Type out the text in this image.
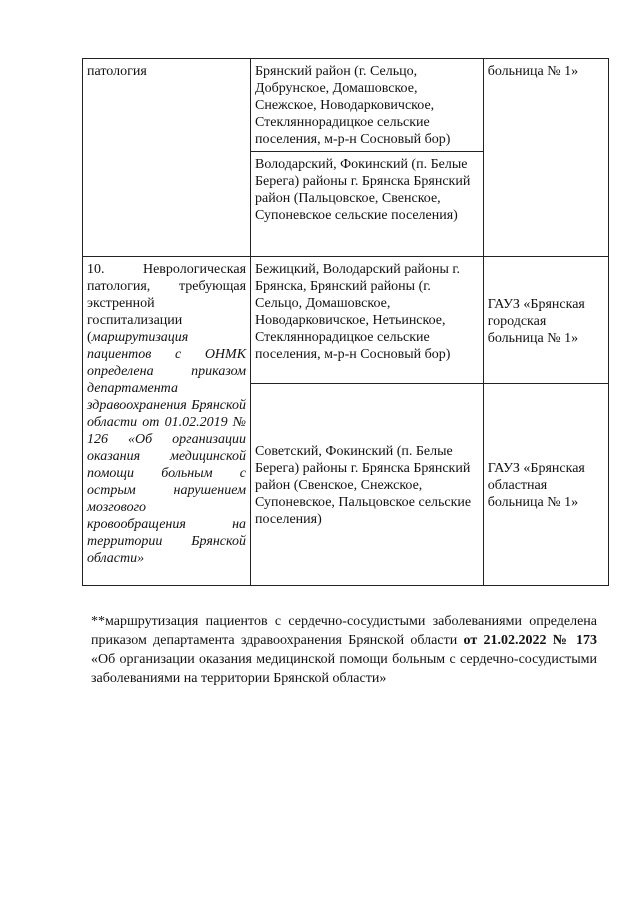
патология	Брянский район (г. Сельцо, Добрунское, Домашовское, Снежское, Новодарковичское, Стекляннорадицкое сельские поселения, м-р-н Сосновый бор)	больница № 1»
	Володарский, Фокинский (п. Белые Берега) районы г. Брянска Брянский район (Пальцовское, Свенское, Супоневское сельские поселения)	
10. Неврологическая патология, требующая экстренной госпитализации (маршрутизация пациентов с ОНМК определена приказом департамента здравоохранения Брянской области от 01.02.2019 № 126 «Об организации оказания медицинской помощи больным с острым нарушением мозгового кровообращения на территории Брянской области»	Бежицкий, Володарский районы г. Брянска, Брянский районы (г. Сельцо, Домашовское, Новодарковичское, Нетьинское, Стекляннорадицкое сельские поселения, м-р-н Сосновый бор)	ГАУЗ «Брянская городская больница № 1»
	Советский, Фокинский (п. Белые Берега) районы г. Брянска Брянский район (Свенское, Снежское, Супоневское, Пальцовское сельские поселения)	ГАУЗ «Брянская областная больница № 1»

**маршрутизация пациентов с сердечно-сосудистыми заболеваниями определена приказом департамента здравоохранения Брянской области от 21.02.2022 № 173 «Об организации оказания медицинской помощи больным с сердечно-сосудистыми заболеваниями на территории Брянской области»
